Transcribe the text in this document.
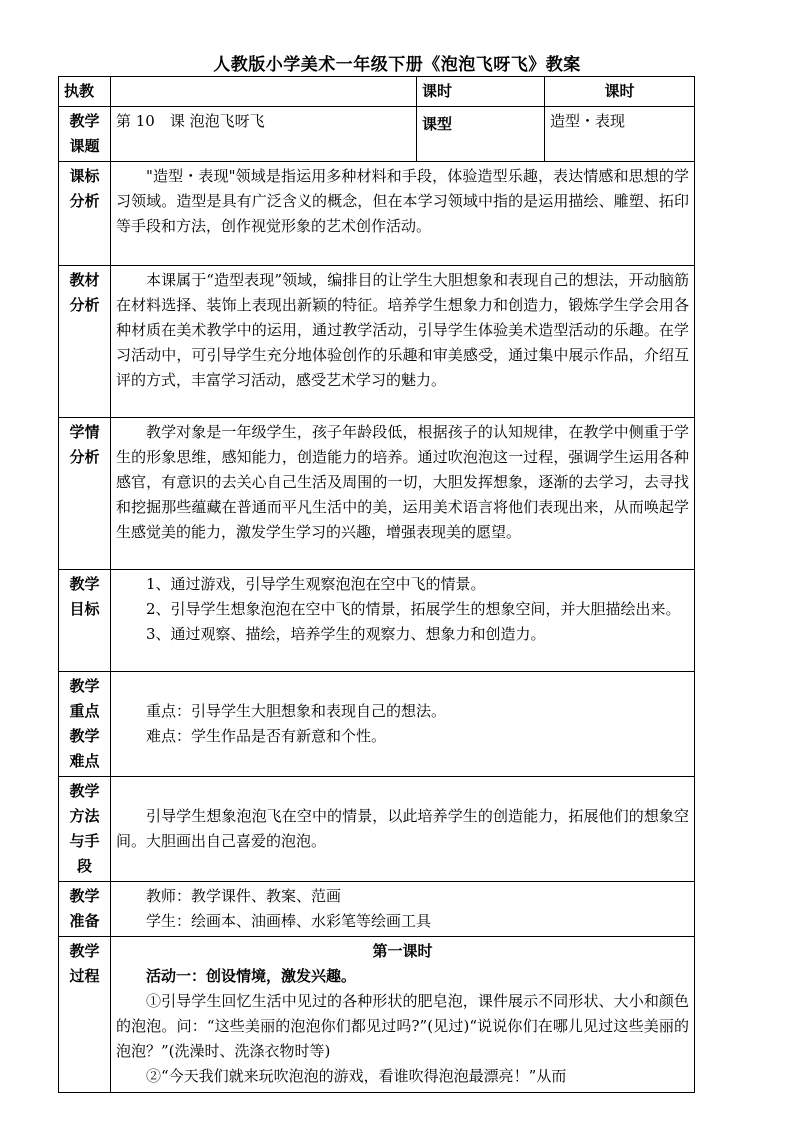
人教版小学美术一年级下册《泡泡飞呀飞》教案
执教		课时	课时
教学课题	第 10　课 泡泡飞呀飞	课型	造型・表现
课标分析	"造型・表现"领域是指运用多种材料和手段，体验造型乐趣，表达情感和思想的学习领域。造型是具有广泛含义的概念，但在本学习领域中指的是运用描绘、雕塑、拓印等手段和方法，创作视觉形象的艺术创作活动。		

教材分析	本课属于“造型表现”领域，编排目的让学生大胆想象和表现自己的想法，开动脑筋在材料选择、装饰上表现出新颖的特征。培养学生想象力和创造力，锻炼学生学会用各种材质在美术教学中的运用，通过教学活动，引导学生体验美术造型活动的乐趣。在学习活动中，可引导学生充分地体验创作的乐趣和审美感受，通过集中展示作品，介绍互评的方式，丰富学习活动，感受艺术学习的魅力。		

学情分析	教学对象是一年级学生，孩子年龄段低，根据孩子的认知规律，在教学中侧重于学生的形象思维，感知能力，创造能力的培养。通过吹泡泡这一过程，强调学生运用各种感官，有意识的去关心自己生活及周围的一切，大胆发挥想象，逐渐的去学习，去寻找和挖掘那些蕴藏在普通而平凡生活中的美，运用美术语言将他们表现出来，从而唤起学生感觉美的能力，激发学生学习的兴趣，增强表现美的愿望。		

教学目标	1、通过游戏，引导学生观察泡泡在空中飞的情景。

2、引导学生想象泡泡在空中飞的情景，拓展学生的想象空间，并大胆描绘出来。

3、通过观察、描绘，培养学生的观察力、想象力和创造力。		

教学重点教学难点	重点：引导学生大胆想象和表现自己的想法。

难点：学生作品是否有新意和个性。		

教学方法与手段	引导学生想象泡泡飞在空中的情景，以此培养学生的创造能力，拓展他们的想象空间。大胆画出自己喜爱的泡泡。		

教学准备	教师：教学课件、教案、范画

学生：绘画本、油画棒、水彩笔等绘画工具		

教学过程	第一课时

活动一：创设情境，激发兴趣。

①引导学生回忆生活中见过的各种形状的肥皂泡，课件展示不同形状、大小和颜色的泡泡。问：“这些美丽的泡泡你们都见过吗?”(见过)“说说你们在哪儿见过这些美丽的泡泡？”(洗澡时、洗涤衣物时等)

②“今天我们就来玩吹泡泡的游戏，看谁吹得泡泡最漂亮！”从而		
